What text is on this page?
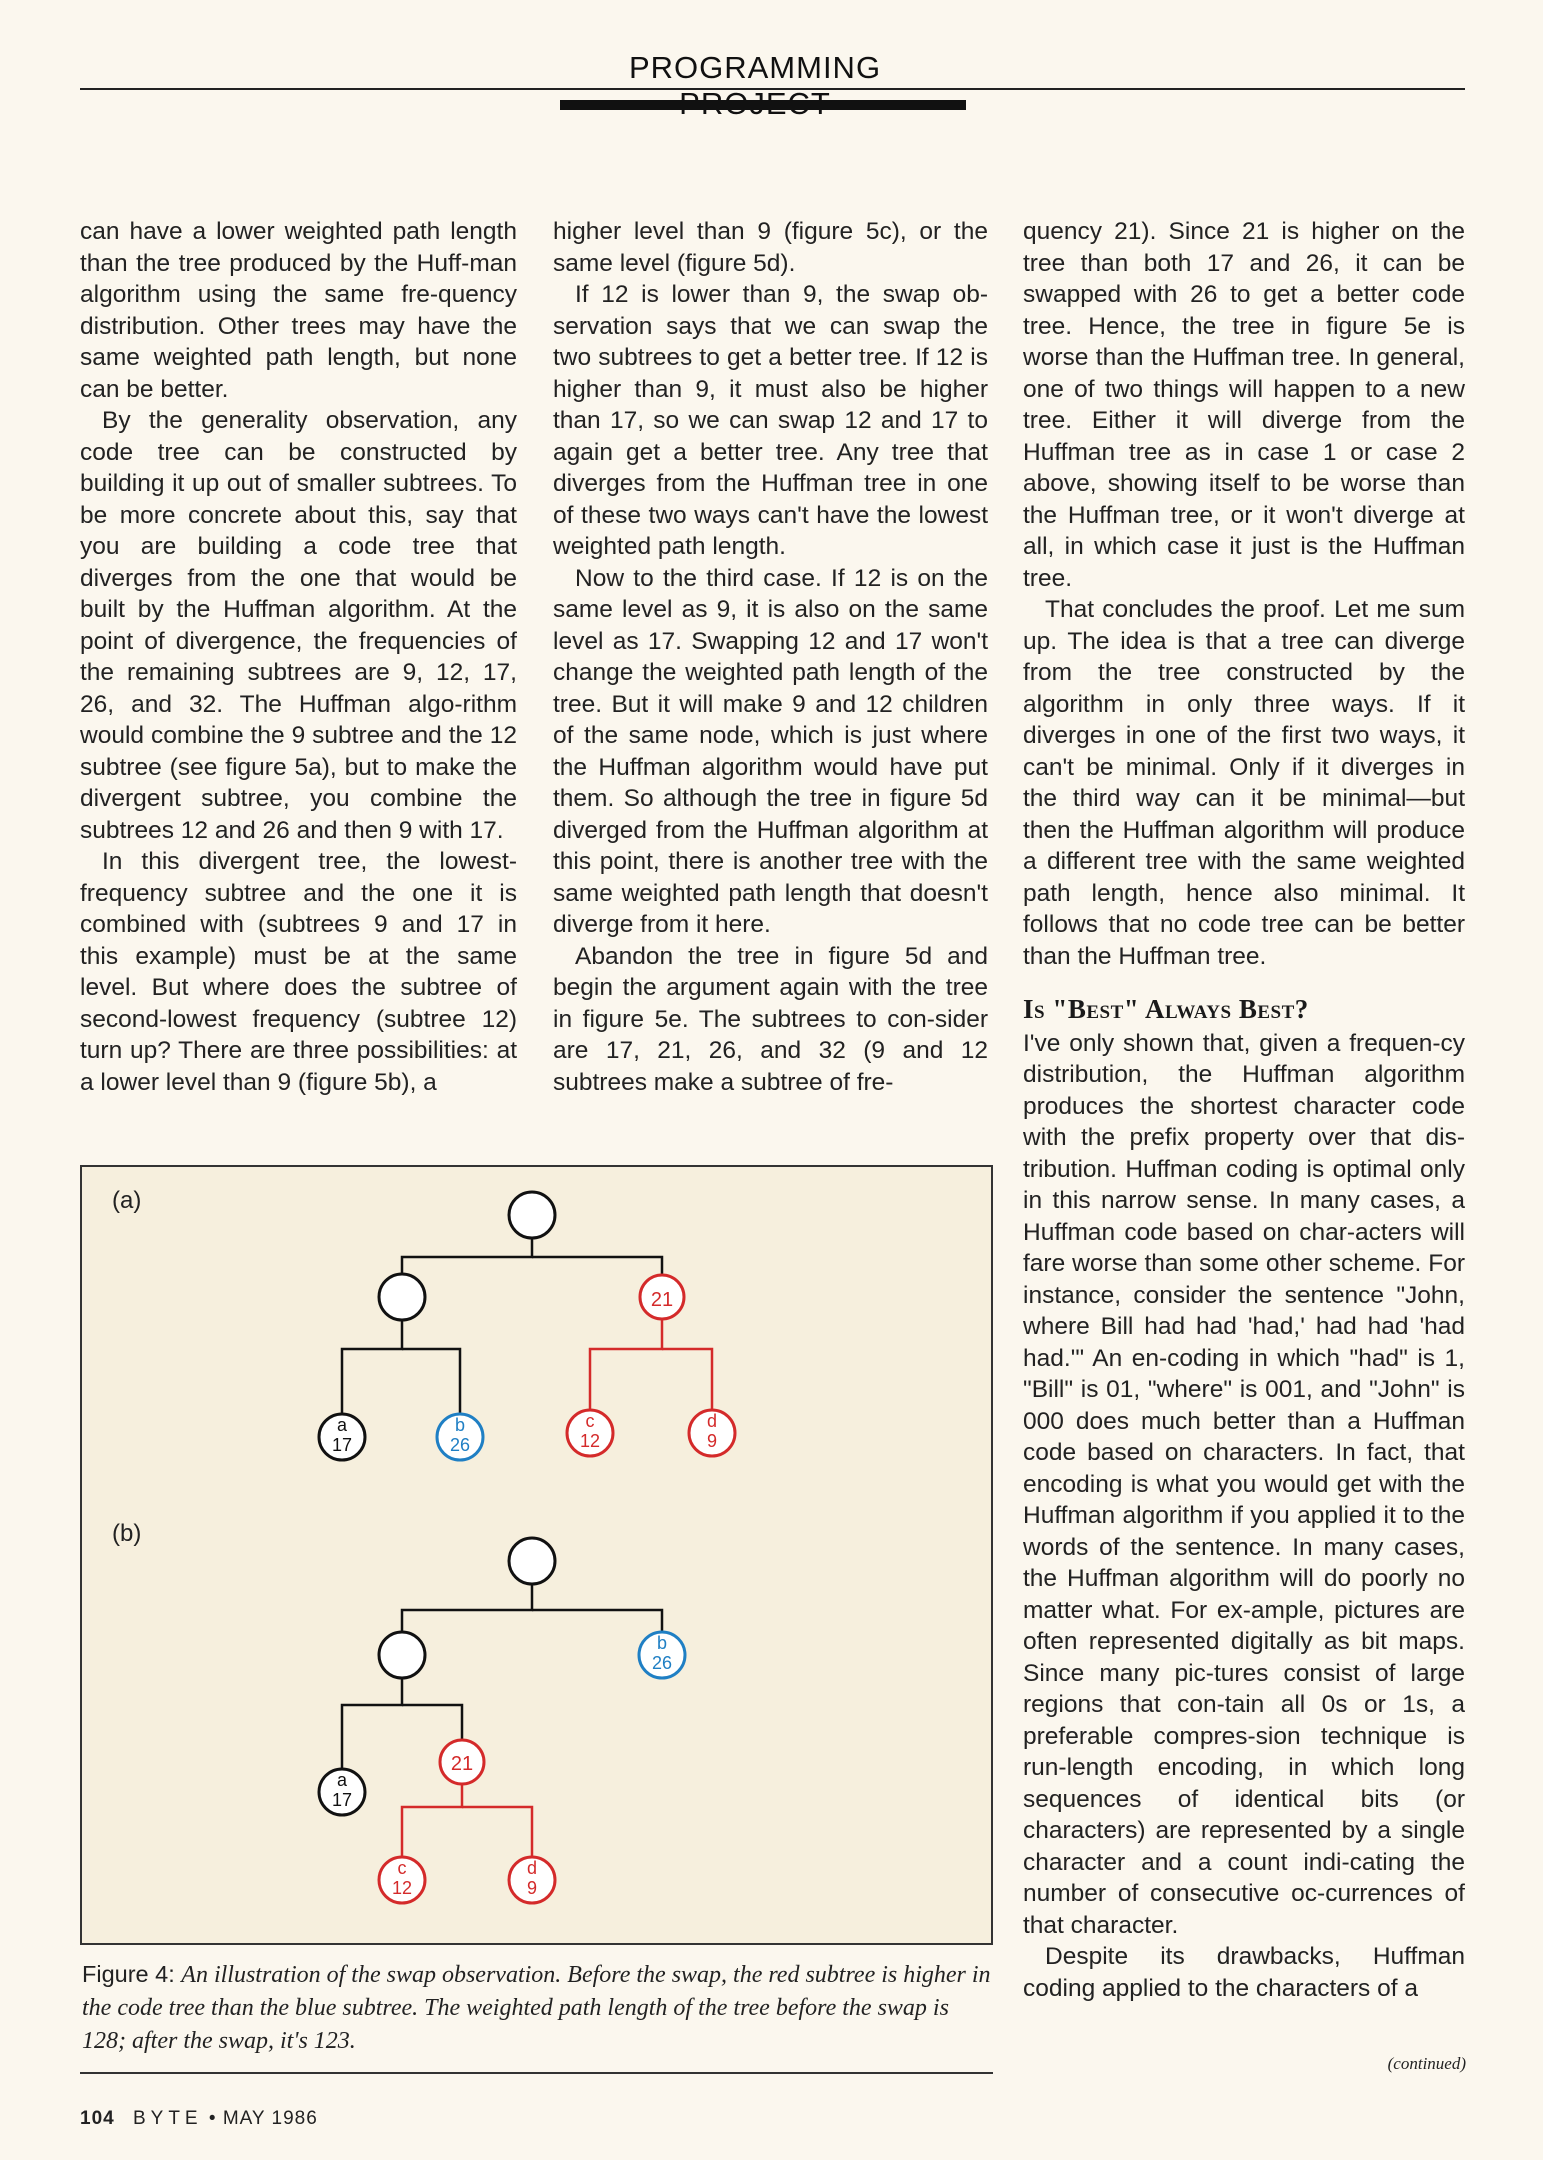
PROGRAMMING

can have a lower weighted path length than the tree produced by the Huff-man algorithm using the same fre-quency distribution. Other trees may have the same weighted path length, but none can be better.

By the generality observation, any code tree can be constructed by building it up out of smaller subtrees. To be more concrete about this, say that you are building a code tree that diverges from the one that would be built by the Huffman algorithm. At the point of divergence, the frequencies of the remaining subtrees are 9, 12, 17, 26, and 32. The Huffman algo-rithm would combine the 9 subtree and the 12 subtree (see figure 5a), but to make the divergent subtree, you combine the subtrees 12 and 26 and then 9 with 17.

In this divergent tree, the lowest-frequency subtree and the one it is combined with (subtrees 9 and 17 in this example) must be at the same level. But where does the subtree of second-lowest frequency (subtree 12) turn up? There are three possibilities: at a lower level than 9 (figure 5b), a

higher level than 9 (figure 5c), or the same level (figure 5d).

If 12 is lower than 9, the swap ob-servation says that we can swap the two subtrees to get a better tree. If 12 is higher than 9, it must also be higher than 17, so we can swap 12 and 17 to again get a better tree. Any tree that diverges from the Huffman tree in one of these two ways can't have the lowest weighted path length.

Now to the third case. If 12 is on the same level as 9, it is also on the same level as 17. Swapping 12 and 17 won't change the weighted path length of the tree. But it will make 9 and 12 children of the same node, which is just where the Huffman algorithm would have put them. So although the tree in figure 5d diverged from the Huffman algorithm at this point, there is another tree with the same weighted path length that doesn't diverge from it here.

Abandon the tree in figure 5d and begin the argument again with the tree in figure 5e. The subtrees to con-sider are 17, 21, 26, and 32 (9 and 12 subtrees make a subtree of fre-

quency 21). Since 21 is higher on the tree than both 17 and 26, it can be swapped with 26 to get a better code tree. Hence, the tree in figure 5e is worse than the Huffman tree. In general, one of two things will happen to a new tree. Either it will diverge from the Huffman tree as in case 1 or case 2 above, showing itself to be worse than the Huffman tree, or it won't diverge at all, in which case it just is the Huffman tree.

That concludes the proof. Let me sum up. The idea is that a tree can diverge from the tree constructed by the algorithm in only three ways. If it diverges in one of the first two ways, it can't be minimal. Only if it diverges in the third way can it be minimal—but then the Huffman algorithm will produce a different tree with the same weighted path length, hence also minimal. It follows that no code tree can be better than the Huffman tree.

Is "Best" Always Best?

I've only shown that, given a frequen-cy distribution, the Huffman algorithm produces the shortest character code with the prefix property over that dis-tribution. Huffman coding is optimal only in this narrow sense. In many cases, a Huffman code based on char-acters will fare worse than some other scheme. For instance, consider the sentence "John, where Bill had had 'had,' had had 'had had.'" An en-coding in which "had" is 1, "Bill" is 01, "where" is 001, and "John" is 000 does much better than a Huffman code based on characters. In fact, that encoding is what you would get with the Huffman algorithm if you applied it to the words of the sentence. In many cases, the Huffman algorithm will do poorly no matter what. For ex-ample, pictures are often represented digitally as bit maps. Since many pic-tures consist of large regions that con-tain all 0s or 1s, a preferable compres-sion technique is run-length encoding, in which long sequences of identical bits (or characters) are represented by a single character and a count indi-cating the number of consecutive oc-currences of that character.

Despite its drawbacks, Huffman coding applied to the characters of a

(continued)
(a)
(b)
21
a
17
b
26
c
12
d
9
b
26
a
17
21
c
12
d
9
Figure 4: An illustration of the swap observation. Before the swap, the red subtree is higher in the code tree than the blue subtree. The weighted path length of the tree before the swap is 128; after the swap, it's 123.
104 BYTE • MAY 1986
